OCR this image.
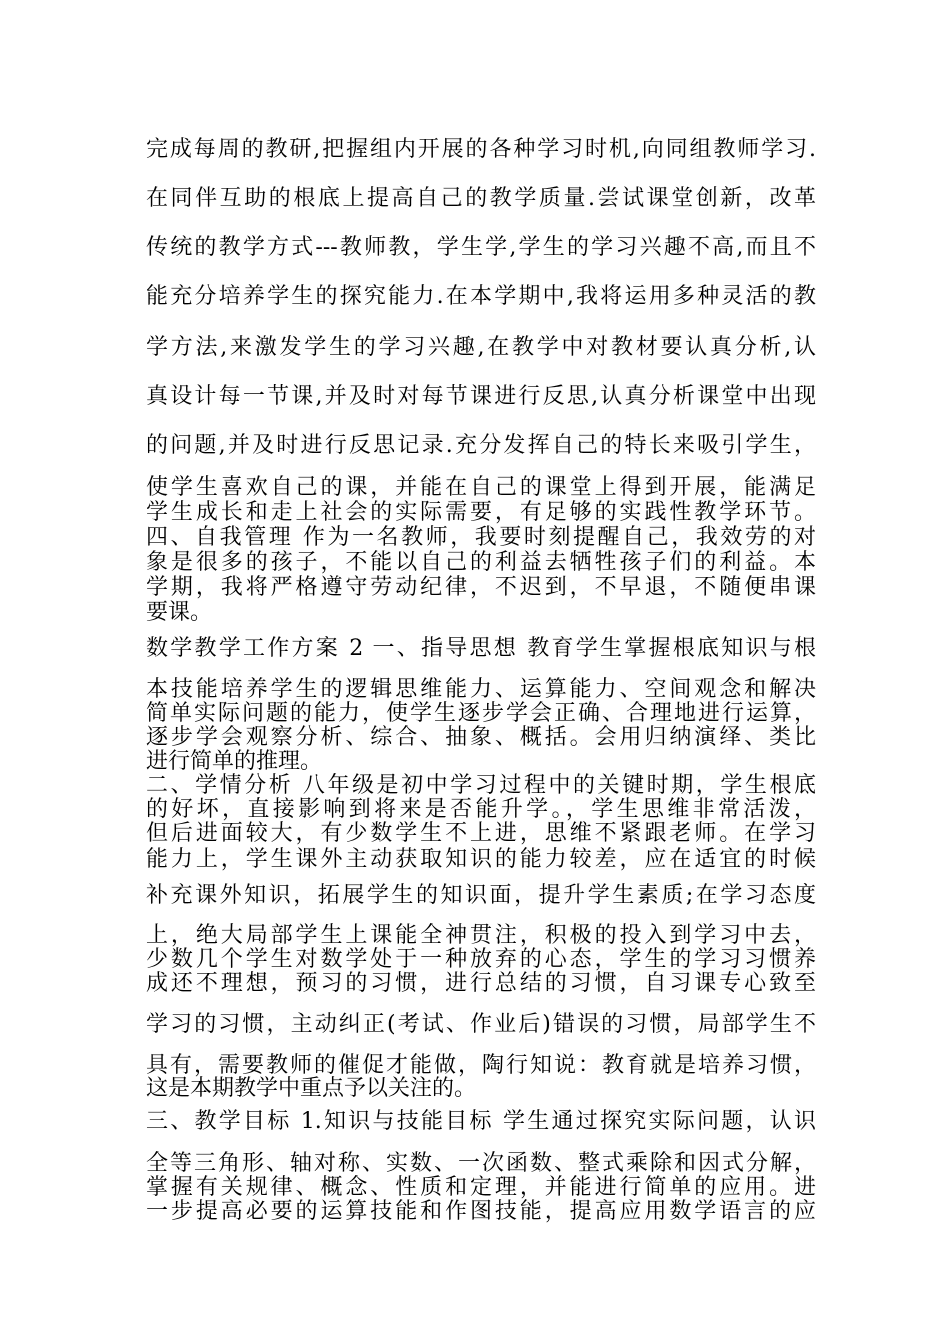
完成每周的教研,把握组内开展的各种学习时机,向同组教师学习.
在同伴互助的根底上提高自己的教学质量.尝试课堂创新，改革
传统的教学方式---教师教，学生学,学生的学习兴趣不高,而且不
能充分培养学生的探究能力.在本学期中,我将运用多种灵活的教
学方法,来激发学生的学习兴趣,在教学中对教材要认真分析,认
真设计每一节课,并及时对每节课进行反思,认真分析课堂中出现
的问题,并及时进行反思记录.充分发挥自己的特长来吸引学生，
使学生喜欢自己的课，并能在自己的课堂上得到开展，能满足
学生成长和走上社会的实际需要，有足够的实践性教学环节。
四、自我管理 作为一名教师，我要时刻提醒自己，我效劳的对
象是很多的孩子，不能以自己的利益去牺牲孩子们的利益。本
学期，我将严格遵守劳动纪律，不迟到，不早退，不随便串课
要课。
数学教学工作方案 2 一、指导思想 教育学生掌握根底知识与根
本技能培养学生的逻辑思维能力、运算能力、空间观念和解决
简单实际问题的能力，使学生逐步学会正确、合理地进行运算，
逐步学会观察分析、综合、抽象、概括。会用归纳演绎、类比
进行简单的推理。
二、学情分析 八年级是初中学习过程中的关键时期，学生根底
的好坏，直接影响到将来是否能升学。，学生思维非常活泼，
但后进面较大，有少数学生不上进，思维不紧跟老师。在学习
能力上，学生课外主动获取知识的能力较差，应在适宜的时候
补充课外知识，拓展学生的知识面，提升学生素质;在学习态度
上，绝大局部学生上课能全神贯注，积极的投入到学习中去，
少数几个学生对数学处于一种放弃的心态，学生的学习习惯养
成还不理想，预习的习惯，进行总结的习惯，自习课专心致至
学习的习惯，主动纠正(考试、作业后)错误的习惯，局部学生不
具有，需要教师的催促才能做，陶行知说：教育就是培养习惯，
这是本期教学中重点予以关注的。
三、教学目标 1.知识与技能目标 学生通过探究实际问题，认识
全等三角形、轴对称、实数、一次函数、整式乘除和因式分解，
掌握有关规律、概念、性质和定理，并能进行简单的应用。进
一步提高必要的运算技能和作图技能，提高应用数学语言的应
